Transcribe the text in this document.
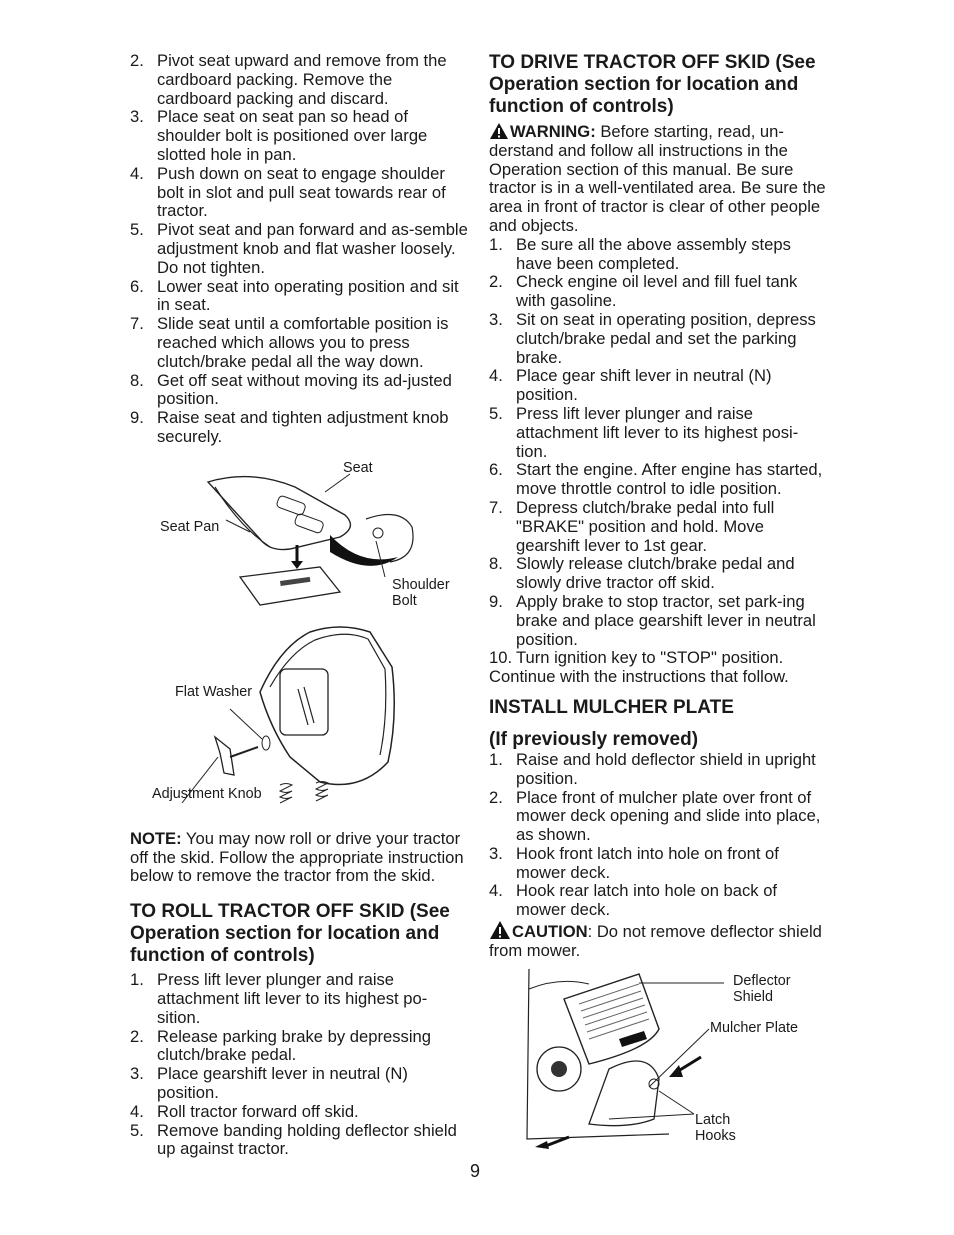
2. Pivot seat upward and remove from the cardboard packing. Remove the cardboard packing and discard.
3. Place seat on seat pan so head of shoulder bolt is positioned over large slotted hole in pan.
4. Push down on seat to engage shoulder bolt in slot and pull seat towards rear of tractor.
5. Pivot seat and pan forward and as-semble adjustment knob and flat washer loosely. Do not tighten.
6. Lower seat into operating position and sit in seat.
7. Slide seat until a comfortable position is reached which allows you to press clutch/brake pedal all the way down.
8. Get off seat without moving its ad-justed position.
9. Raise seat and tighten adjustment knob securely.
Seat
Seat Pan
Shoulder Bolt
Flat Washer
Adjustment Knob

NOTE: You may now roll or drive your tractor off the skid. Follow the appropriate instruction below to remove the tractor from the skid.

TO ROLL TRACTOR OFF SKID (See Operation section for location and function of controls)

1. Press lift lever plunger and raise attachment lift lever to its highest po-sition.
2. Release parking brake by depressing clutch/brake pedal.
3. Place gearshift lever in neutral (N) position.
4. Roll tractor forward off skid.
5. Remove banding holding deflector shield up against tractor.

TO DRIVE TRACTOR OFF SKID (See Operation section for location and function of controls)

WARNING: Before starting, read, un-derstand and follow all instructions in the Operation section of this manual. Be sure tractor is in a well-ventilated area. Be sure the area in front of tractor is clear of other people and objects.

1. Be sure all the above assembly steps have been completed.
2. Check engine oil level and fill fuel tank with gasoline.
3. Sit on seat in operating position, depress clutch/brake pedal and set the parking brake.
4. Place gear shift lever in neutral (N) position.
5. Press lift lever plunger and raise attachment lift lever to its highest posi-tion.
6. Start the engine. After engine has started, move throttle control to idle position.
7. Depress clutch/brake pedal into full "BRAKE" position and hold. Move gearshift lever to 1st gear.
8. Slowly release clutch/brake pedal and slowly drive tractor off skid.
9. Apply brake to stop tractor, set park-ing brake and place gearshift lever in neutral position.
10. Turn ignition key to "STOP" position.

Continue with the instructions that follow.

INSTALL MULCHER PLATE

(If previously removed)

1. Raise and hold deflector shield in upright position.
2. Place front of mulcher plate over front of mower deck opening and slide into place, as shown.
3. Hook front latch into hole on front of mower deck.
4. Hook rear latch into hole on back of mower deck.

CAUTION: Do not remove deflector shield from mower.

Deflector Shield
Mulcher Plate
Latch Hooks
9
